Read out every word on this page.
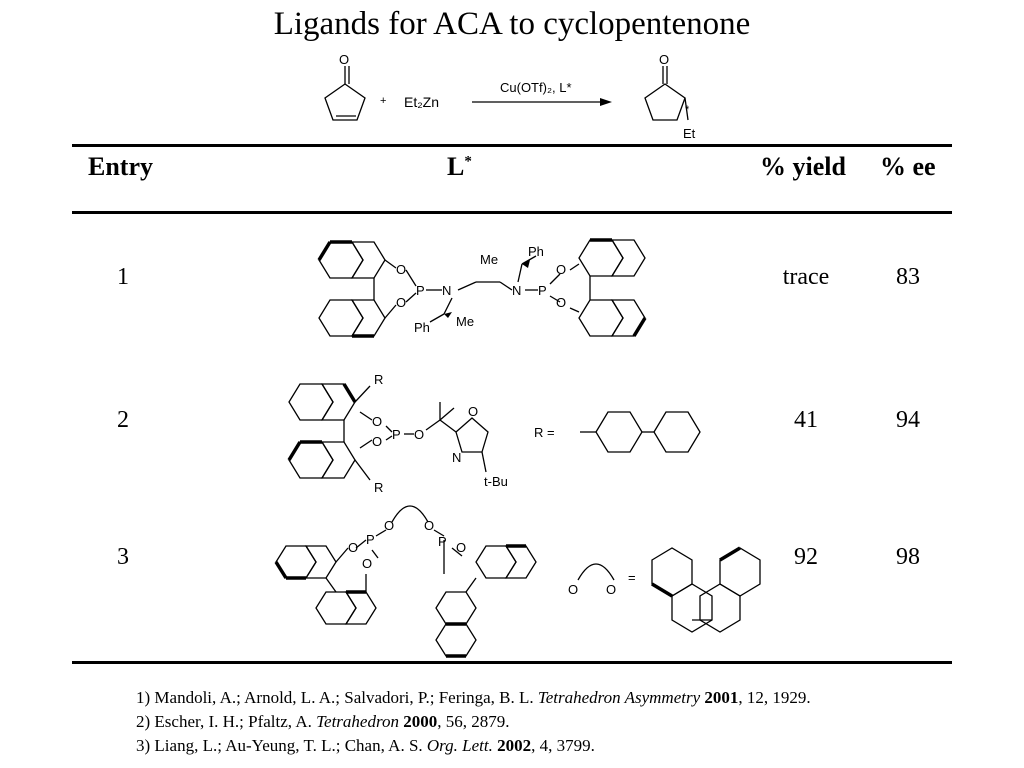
Ligands for ACA to cyclopentenone
O	O
+ Et₂Zn
Cu(OTf)₂, L*
*
Et
Entry	L*	% yield % ee
1	trace	83
2	41	94
3	92	98
O
O
P N	N P
O
O
Me
Ph
Ph Me
R
R
O
O P O
O
N
t-Bu
R =
O
P
O
O O
P O
O O
=
1) Mandoli, A.; Arnold, L. A.; Salvadori, P.; Feringa, B. L. Tetrahedron Asymmetry 2001, 12, 1929.
2) Escher, I. H.; Pfaltz, A. Tetrahedron 2000, 56, 2879.
3) Liang, L.; Au-Yeung, T. L.; Chan, A. S. Org. Lett. 2002, 4, 3799.
